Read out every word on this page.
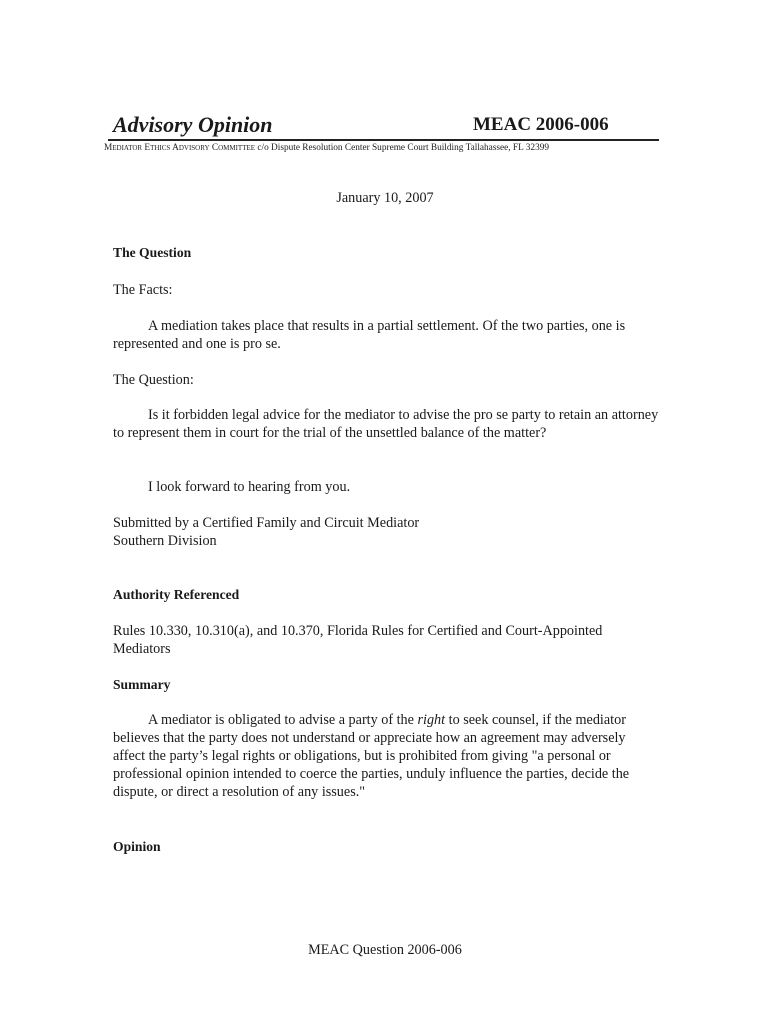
Advisory Opinion	MEAC 2006-006
Mediator Ethics Advisory Committee c/o Dispute Resolution Center Supreme Court Building Tallahassee, FL 32399
January 10, 2007
The Question
The Facts:
A mediation takes place that results in a partial settlement. Of the two parties, one is represented and one is pro se.
The Question:
Is it forbidden legal advice for the mediator to advise the pro se party to retain an attorney to represent them in court for the trial of the unsettled balance of the matter?
I look forward to hearing from you.
Submitted by a Certified Family and Circuit Mediator
Southern Division
Authority Referenced
Rules 10.330, 10.310(a), and 10.370, Florida Rules for Certified and Court-Appointed Mediators
Summary
A mediator is obligated to advise a party of the right to seek counsel, if the mediator believes that the party does not understand or appreciate how an agreement may adversely affect the party’s legal rights or obligations, but is prohibited from giving "a personal or professional opinion intended to coerce the parties, unduly influence the parties, decide the dispute, or direct a resolution of any issues."
Opinion
MEAC Question 2006-006
